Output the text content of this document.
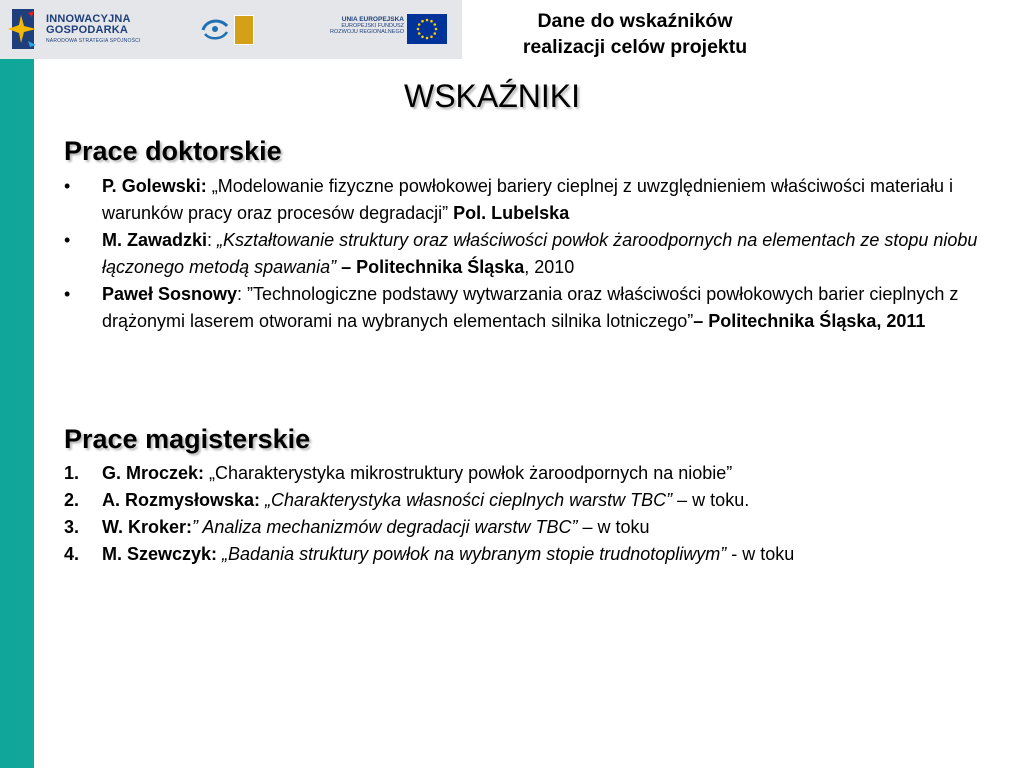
INNOWACYJNA
GOSPODARKA
NARODOWA STRATEGIA SPÓJNOŚCI
UNIA EUROPEJSKA
EUROPEJSKI FUNDUSZ
ROZWOJU REGIONALNEGO	Dane do wskaźników realizacji celów projektu
WSKAŹNIKI
Prace doktorskie
• P. Golewski: „Modelowanie fizyczne powłokowej bariery cieplnej z uwzględnieniem właściwości materiału i warunków pracy oraz procesów degradacji” Pol. Lubelska
• M. Zawadzki: „Kształtowanie struktury oraz właściwości powłok żaroodpornych na elementach ze stopu niobu łączonego metodą spawania” – Politechnika Śląska, 2010
• Paweł Sosnowy: ”Technologiczne podstawy wytwarzania oraz właściwości powłokowych barier cieplnych z drążonymi laserem otworami na wybranych elementach silnika lotniczego”– Politechnika Śląska, 2011
Prace magisterskie
1. G. Mroczek: „Charakterystyka mikrostruktury powłok żaroodpornych na niobie”
2. A. Rozmysłowska: „Charakterystyka własności cieplnych warstw TBC” – w toku.
3. W. Kroker:” Analiza mechanizmów degradacji warstw TBC” – w toku
4. M. Szewczyk: „Badania struktury powłok na wybranym stopie trudnotopliwym” - w toku
